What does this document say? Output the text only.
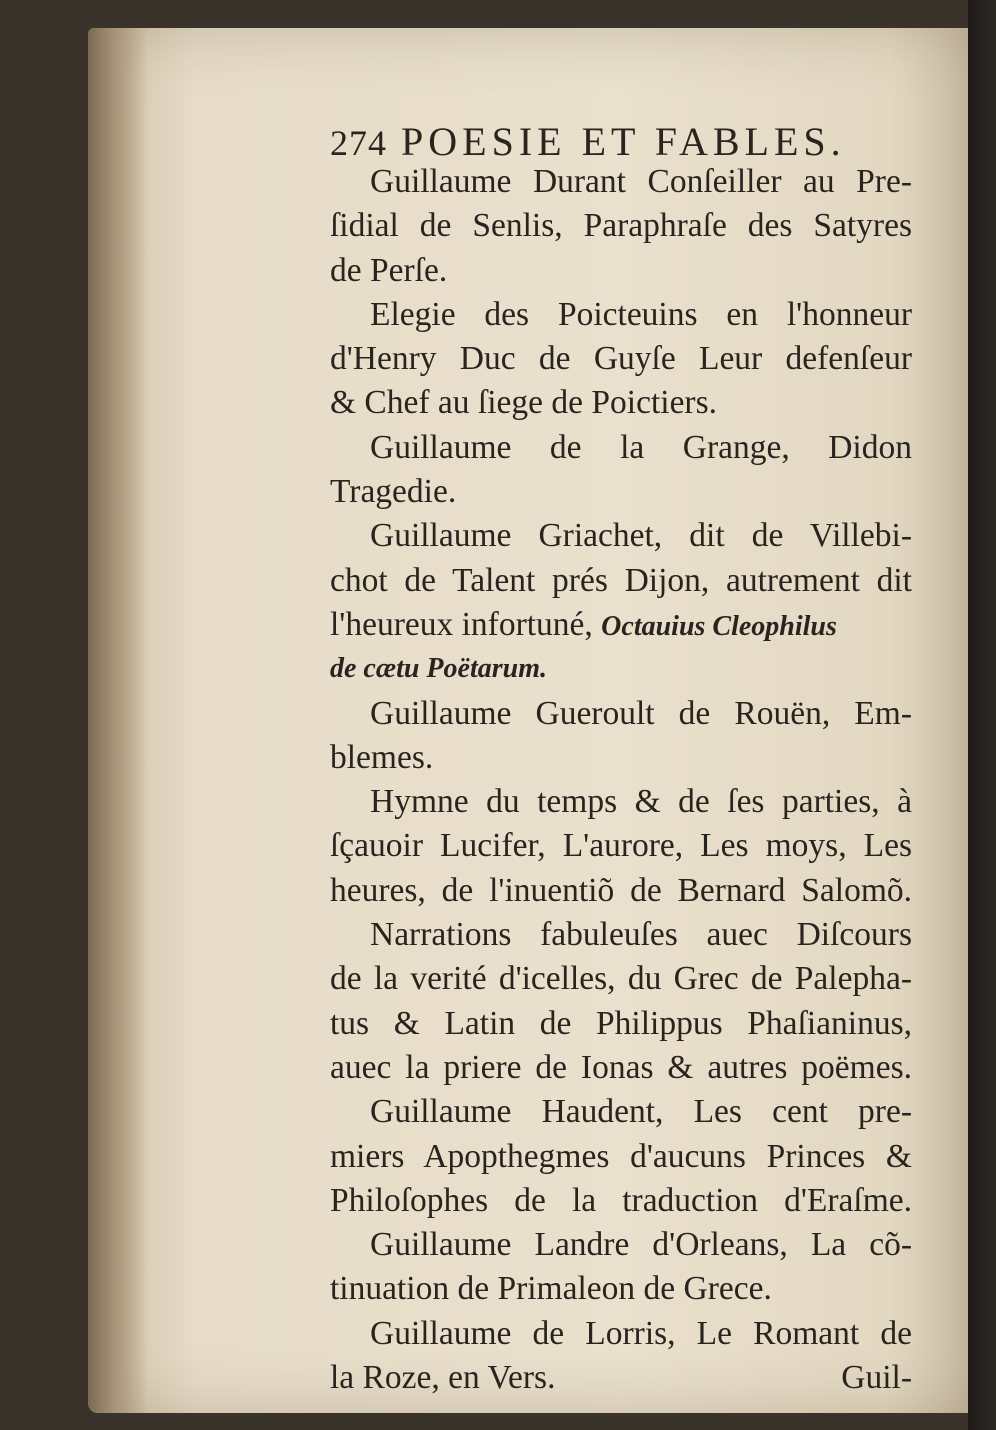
274 POESIE ET FABLES.
Guillaume Durant Conſeiller au Pre-
ſidial de Senlis, Paraphraſe des Satyres
de Perſe.
Elegie des Poicteuins en l'honneur
d'Henry Duc de Guyſe Leur defenſeur
& Chef au ſiege de Poictiers.
Guillaume de la Grange, Didon
Tragedie.
Guillaume Griachet, dit de Villebi-
chot de Talent prés Dijon, autrement dit
l'heureux infortuné, Octauius Cleophilus
de cætu Poëtarum.
Guillaume Gueroult de Rouën, Em-
blemes.
Hymne du temps & de ſes parties, à
ſçauoir Lucifer, L'aurore, Les moys, Les
heures, de l'inuentiõ de Bernard Salomõ.
Narrations fabuleuſes auec Diſcours
de la verité d'icelles, du Grec de Palepha-
tus & Latin de Philippus Phaſianinus,
auec la priere de Ionas & autres poëmes.
Guillaume Haudent, Les cent pre-
miers Apopthegmes d'aucuns Princes &
Philoſophes de la traduction d'Eraſme.
Guillaume Landre d'Orleans, La cõ-
tinuation de Primaleon de Grece.
Guillaume de Lorris, Le Romant de
la Roze, en Vers.	Guil-
